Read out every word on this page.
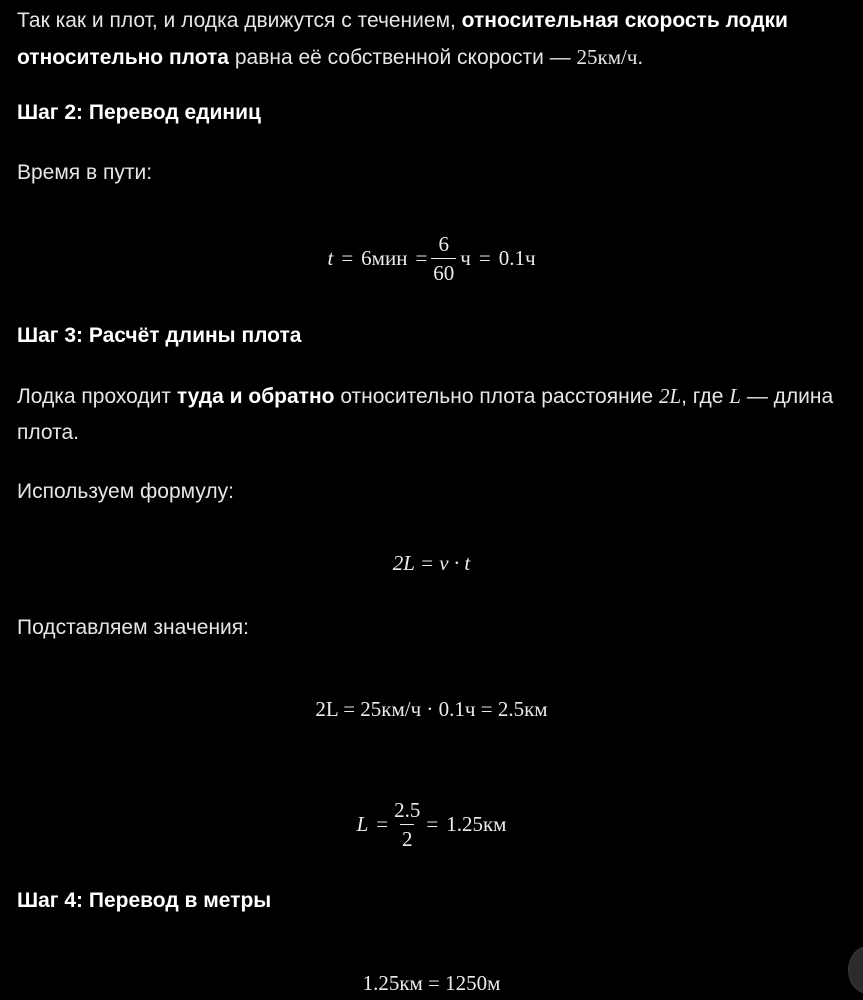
Так как и плот, и лодка движутся с течением, относительная скорость лодки относительно плота равна её собственной скорости — 25км/ч.

Шаг 2: Перевод единиц

Время в пути:

$t = 6мин = \frac{6}{60}$ ч = 0.1ч
Шаг 3: Расчёт длины плота

Лодка проходит туда и обратно относительно плота расстояние 2L, где L — длина плота.

Используем формулу:

2L = v · t

Подставляем значения:

2L = 25км/ч · 0.1ч = 2.5км
$L = \frac{2.5}{2} = 1.25км$
Шаг 4: Перевод в метры
1.25км = 1250м
